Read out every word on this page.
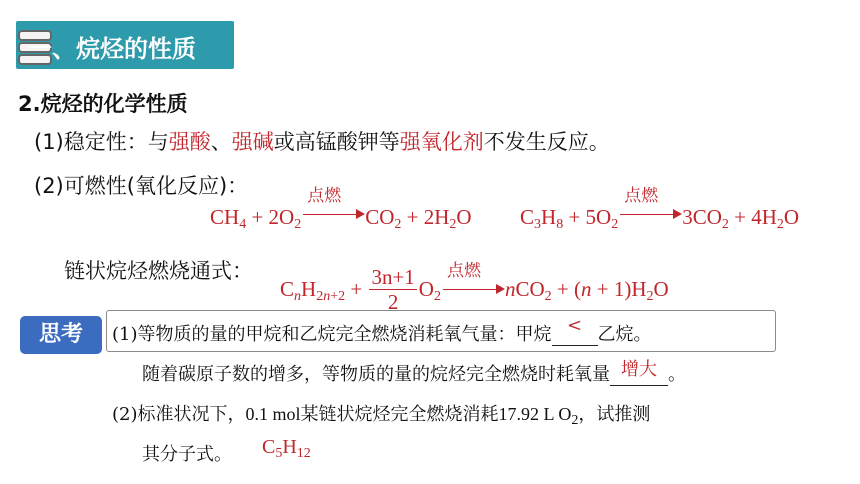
一、烷烃的性质
2.烷烃的化学性质
(1)稳定性：与强酸、强碱或高锰酸钾等强氧化剂不发生反应。
(2)可燃性(氧化反应)：
$CH_4 + 2O_2$
点燃
$CO_2 + 2H_2O$ $C_3H_8 + 5O_2$
点燃
$3CO_2 + 4H_2O$
链状烷烃燃烧通式：
$C_nH_{2n+2} + \frac{3n+1}{2} O_2$
点燃
$nCO_2 + (n + 1)H_2O$
思考	(1)等物质的量的甲烷和乙烷完全燃烧消耗氧气量：甲烷 < 乙烷。
随着碳原子数的增多，等物质的量的烷烃完全燃烧时耗氧量 增大 。
(2)标准状况下，0.1 mol某链状烷烃完全燃烧消耗17.92 L $O_2$，试推测
其分子式。 $C_5H_{12}$
